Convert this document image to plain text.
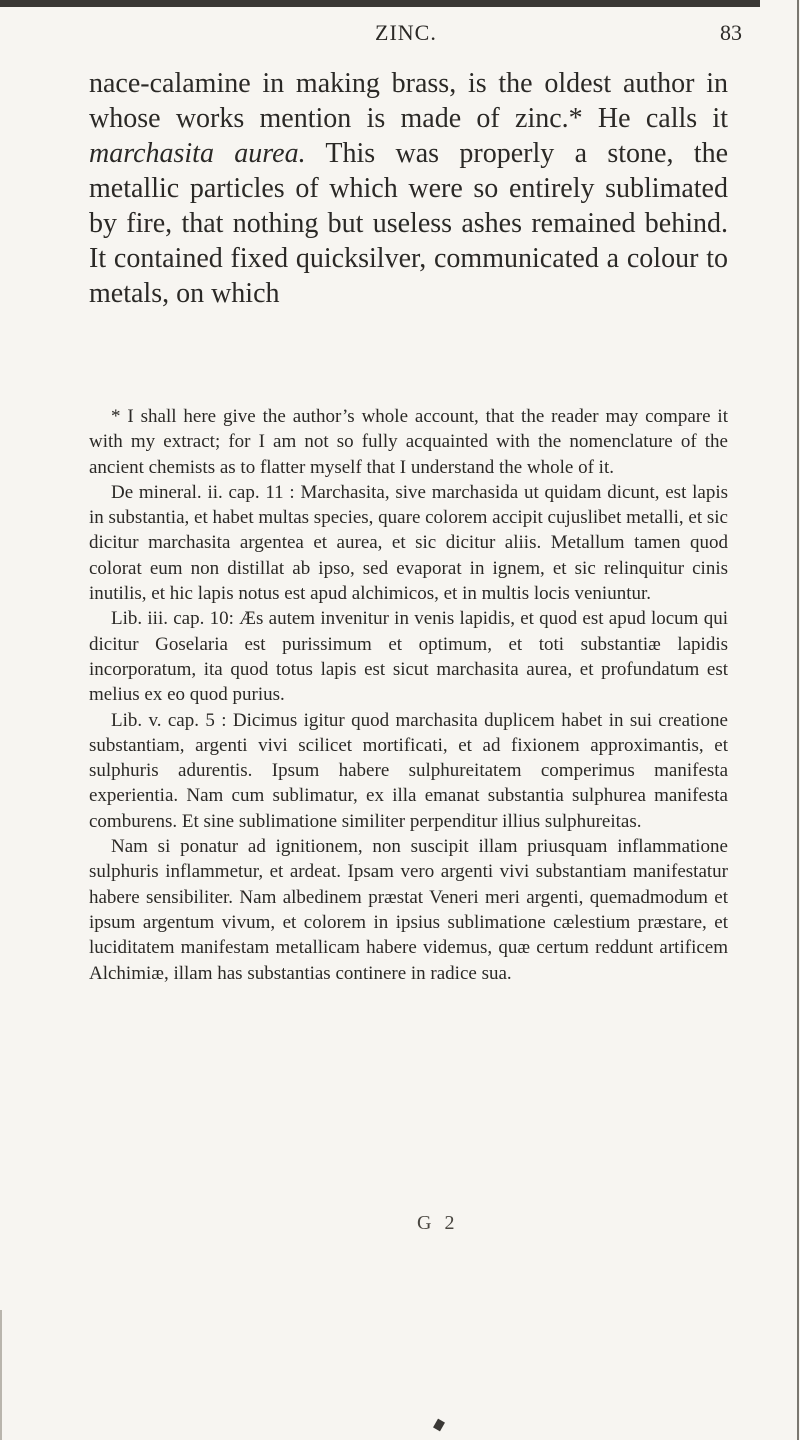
ZINC.	83

nace-calamine in making brass, is the oldest author in whose works mention is made of zinc.* He calls it marchasita aurea. This was properly a stone, the metallic particles of which were so entirely sublimated by fire, that nothing but useless ashes remained behind. It contained fixed quicksilver, communicated a colour to metals, on which

* I shall here give the author’s whole account, that the reader may compare it with my extract; for I am not so fully acquainted with the nomenclature of the ancient chemists as to flatter myself that I understand the whole of it.

De mineral. ii. cap. 11 : Marchasita, sive marchasida ut quidam dicunt, est lapis in substantia, et habet multas species, quare colorem accipit cujuslibet metalli, et sic dicitur marchasita argentea et aurea, et sic dicitur aliis. Metallum tamen quod colorat eum non distillat ab ipso, sed evaporat in ignem, et sic relinquitur cinis inutilis, et hic lapis notus est apud alchimicos, et in multis locis veniuntur.

Lib. iii. cap. 10: Æs autem invenitur in venis lapidis, et quod est apud locum qui dicitur Goselaria est purissimum et optimum, et toti substantiæ lapidis incorporatum, ita quod totus lapis est sicut marchasita aurea, et profundatum est melius ex eo quod purius.

Lib. v. cap. 5 : Dicimus igitur quod marchasita duplicem habet in sui creatione substantiam, argenti vivi scilicet mortificati, et ad fixionem approximantis, et sulphuris adurentis. Ipsum habere sulphureitatem comperimus manifesta experientia. Nam cum sublimatur, ex illa emanat substantia sulphurea manifesta comburens. Et sine sublimatione similiter perpenditur illius sulphureitas.

Nam si ponatur ad ignitionem, non suscipit illam priusquam inflammatione sulphuris inflammetur, et ardeat. Ipsam vero argenti vivi substantiam manifestatur habere sensibiliter. Nam albedinem præstat Veneri meri argenti, quemadmodum et ipsum argentum vivum, et colorem in ipsius sublimatione cælestium præstare, et luciditatem manifestam metallicam habere videmus, quæ certum reddunt artificem Alchimiæ, illam has substantias continere in radice sua.

G 2
